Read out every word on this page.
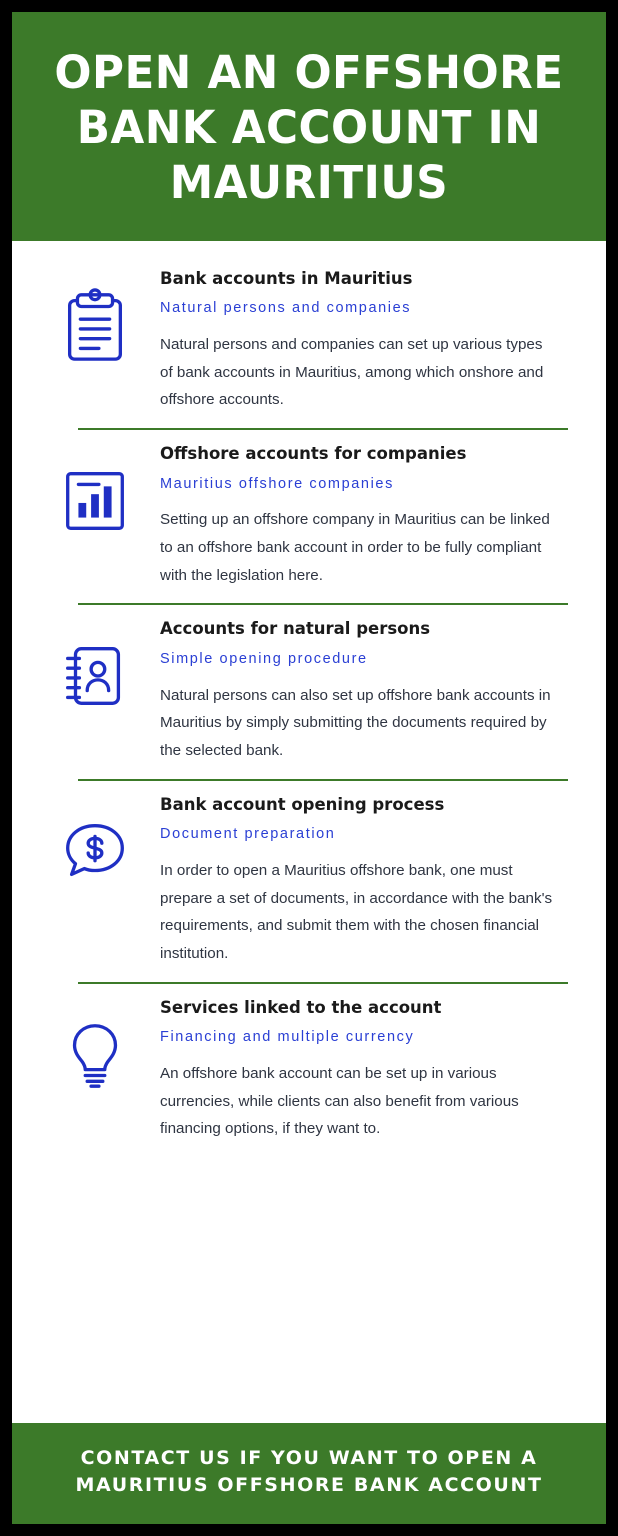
OPEN AN OFFSHORE BANK ACCOUNT IN MAURITIUS

Bank accounts in Mauritius

Natural persons and companies

Natural persons and companies can set up various types of bank accounts in Mauritius, among which onshore and offshore accounts.

Offshore accounts for companies

Mauritius offshore companies

Setting up an offshore company in Mauritius can be linked to an offshore bank account in order to be fully compliant with the legislation here.

Accounts for natural persons

Simple opening procedure

Natural persons can also set up offshore bank accounts in Mauritius by simply submitting the documents required by the selected bank.

Bank account opening process

Document preparation

In order to open a Mauritius offshore bank, one must prepare a set of documents, in accordance with the bank's requirements, and submit them with the chosen financial institution.

Services linked to the account

Financing and multiple currency

An offshore bank account can be set up in various currencies, while clients can also benefit from various financing options, if they want to.

CONTACT US IF YOU WANT TO OPEN A MAURITIUS OFFSHORE BANK ACCOUNT
